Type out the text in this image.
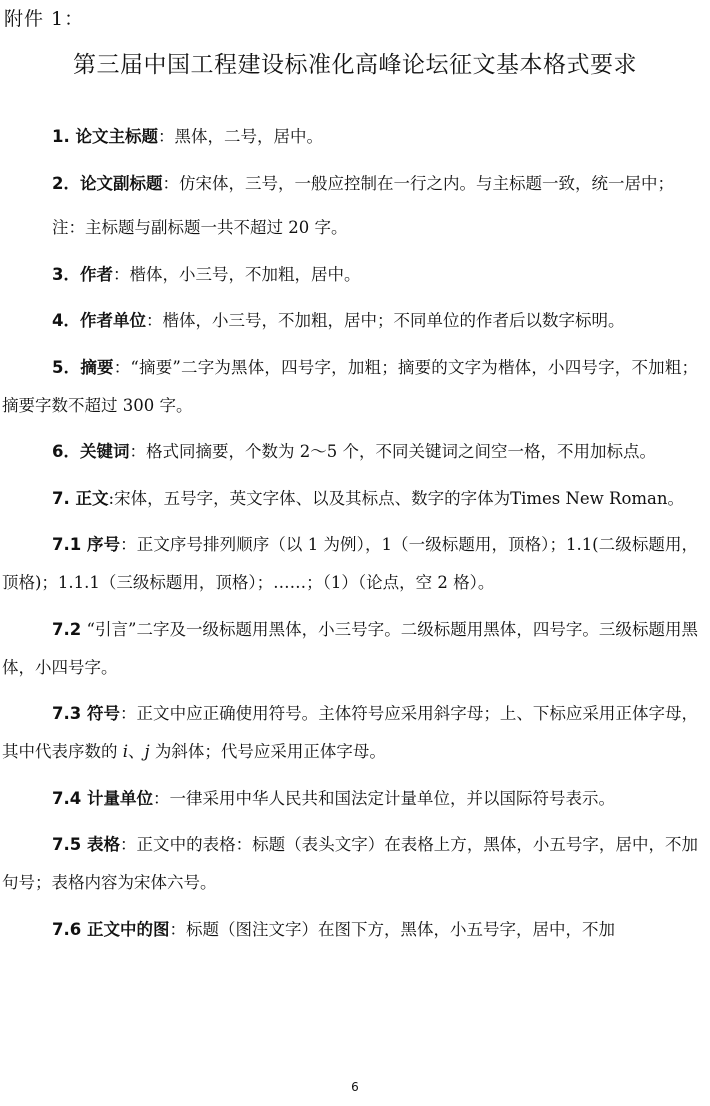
附件 1：
第三届中国工程建设标准化高峰论坛征文基本格式要求

1. 论文主标题：黑体，二号，居中。

2．论文副标题：仿宋体，三号，一般应控制在一行之内。与主标题一致，统一居中；

注：主标题与副标题一共不超过 20 字。

3．作者：楷体，小三号，不加粗，居中。

4．作者单位：楷体，小三号，不加粗，居中；不同单位的作者后以数字标明。

5．摘要：“摘要”二字为黑体，四号字，加粗；摘要的文字为楷体，小四号字，不加粗；摘要字数不超过 300 字。

6．关键词：格式同摘要，个数为 2～5 个，不同关键词之间空一格，不用加标点。

7. 正文:宋体，五号字，英文字体、以及其标点、数字的字体为Times New Roman。

7.1 序号：正文序号排列顺序（以 1 为例），1（一级标题用，顶格）；1.1(二级标题用，顶格)；1.1.1（三级标题用，顶格）；……；（1）（论点，空 2 格）。

7.2 “引言”二字及一级标题用黑体，小三号字。二级标题用黑体，四号字。三级标题用黑体，小四号字。

7.3 符号：正文中应正确使用符号。主体符号应采用斜字母；上、下标应采用正体字母，其中代表序数的 i、j 为斜体；代号应采用正体字母。

7.4 计量单位：一律采用中华人民共和国法定计量单位，并以国际符号表示。

7.5 表格：正文中的表格：标题（表头文字）在表格上方，黑体，小五号字，居中，不加句号；表格内容为宋体六号。

7.6 正文中的图：标题（图注文字）在图下方，黑体，小五号字，居中，不加

6
